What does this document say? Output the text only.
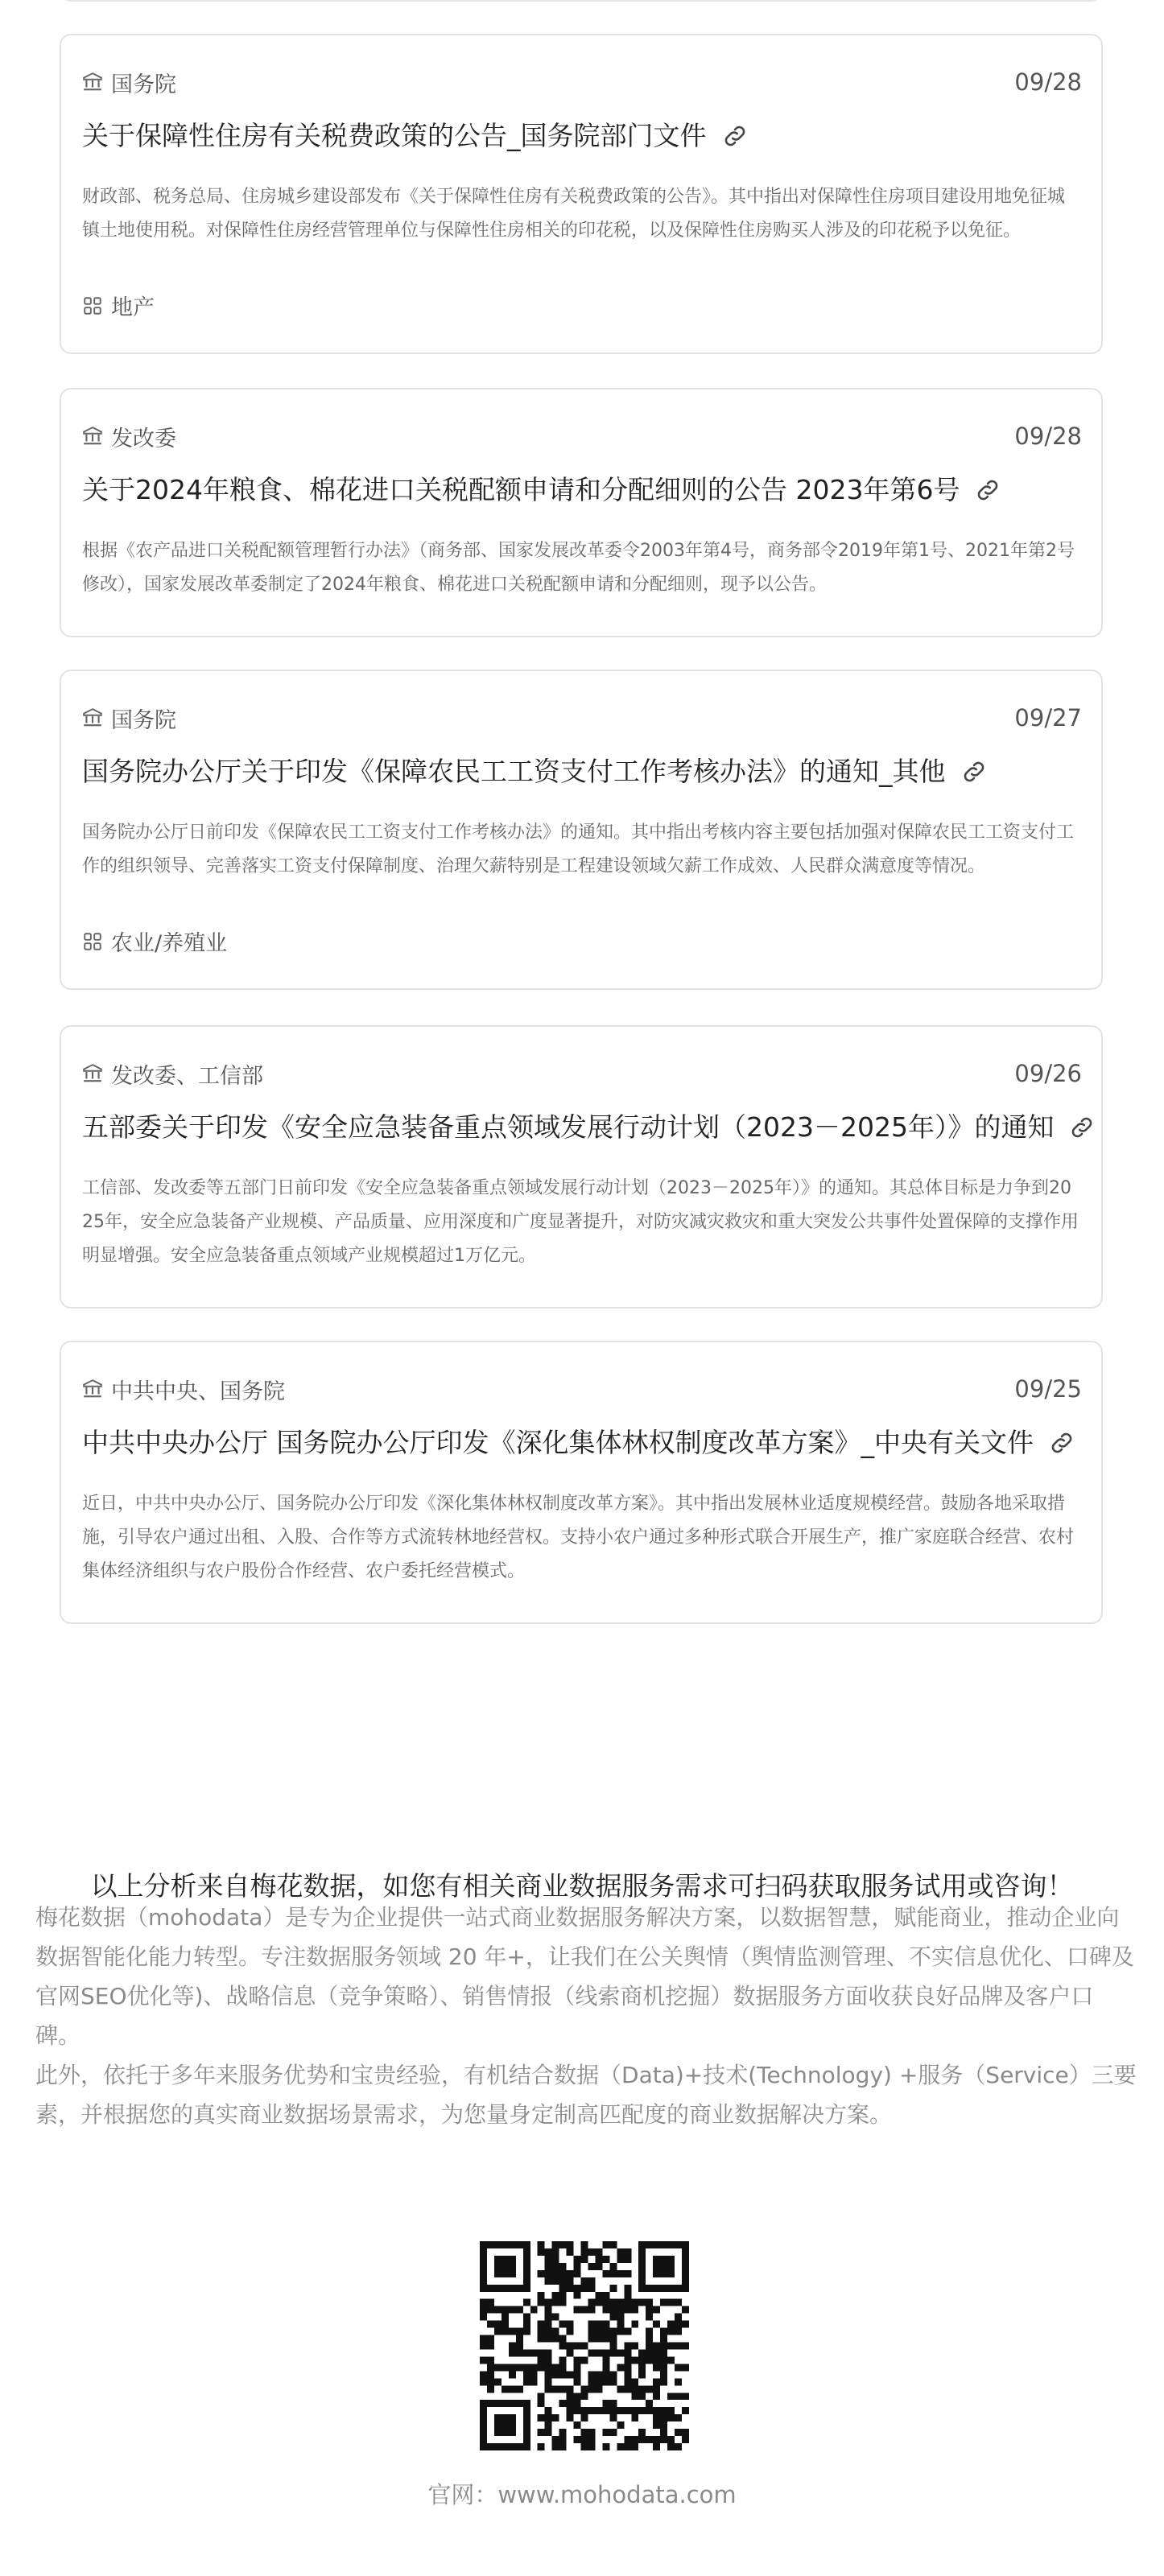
国务院	09/28
关于保障性住房有关税费政策的公告_国务院部门文件
财政部、税务总局、住房城乡建设部发布《关于保障性住房有关税费政策的公告》。其中指出对保障性住房项目建设用地免征城镇土地使用税。对保障性住房经营管理单位与保障性住房相关的印花税，以及保障性住房购买人涉及的印花税予以免征。
地产
发改委	09/28
关于2024年粮食、棉花进口关税配额申请和分配细则的公告 2023年第6号
根据《农产品进口关税配额管理暂行办法》（商务部、国家发展改革委令2003年第4号，商务部令2019年第1号、2021年第2号修改），国家发展改革委制定了2024年粮食、棉花进口关税配额申请和分配细则，现予以公告。
国务院	09/27
国务院办公厅关于印发《保障农民工工资支付工作考核办法》的通知_其他
国务院办公厅日前印发《保障农民工工资支付工作考核办法》的通知。其中指出考核内容主要包括加强对保障农民工工资支付工作的组织领导、完善落实工资支付保障制度、治理欠薪特别是工程建设领域欠薪工作成效、人民群众满意度等情况。
农业/养殖业
发改委、工信部	09/26
五部委关于印发《安全应急装备重点领域发展行动计划（2023－2025年）》的通知
工信部、发改委等五部门日前印发《安全应急装备重点领域发展行动计划（2023－2025年）》的通知。其总体目标是力争到2025年，安全应急装备产业规模、产品质量、应用深度和广度显著提升，对防灾减灾救灾和重大突发公共事件处置保障的支撑作用明显增强。安全应急装备重点领域产业规模超过1万亿元。
中共中央、国务院	09/25
中共中央办公厅 国务院办公厅印发《深化集体林权制度改革方案》_中央有关文件
近日，中共中央办公厅、国务院办公厅印发《深化集体林权制度改革方案》。其中指出发展林业适度规模经营。鼓励各地采取措施，引导农户通过出租、入股、合作等方式流转林地经营权。支持小农户通过多种形式联合开展生产，推广家庭联合经营、农村集体经济组织与农户股份合作经营、农户委托经营模式。
以上分析来自梅花数据，如您有相关商业数据服务需求可扫码获取服务试用或咨询！
梅花数据（mohodata）是专为企业提供一站式商业数据服务解决方案，以数据智慧，赋能商业，推动企业向数据智能化能力转型。专注数据服务领域 20 年+，让我们在公关舆情（舆情监测管理、不实信息优化、口碑及官网SEO优化等)、战略信息（竞争策略）、销售情报（线索商机挖掘）数据服务方面收获良好品牌及客户口碑。
此外，依托于多年来服务优势和宝贵经验，有机结合数据（Data)+技术(Technology) +服务（Service）三要素，并根据您的真实商业数据场景需求，为您量身定制高匹配度的商业数据解决方案。
官网：www.mohodata.com
